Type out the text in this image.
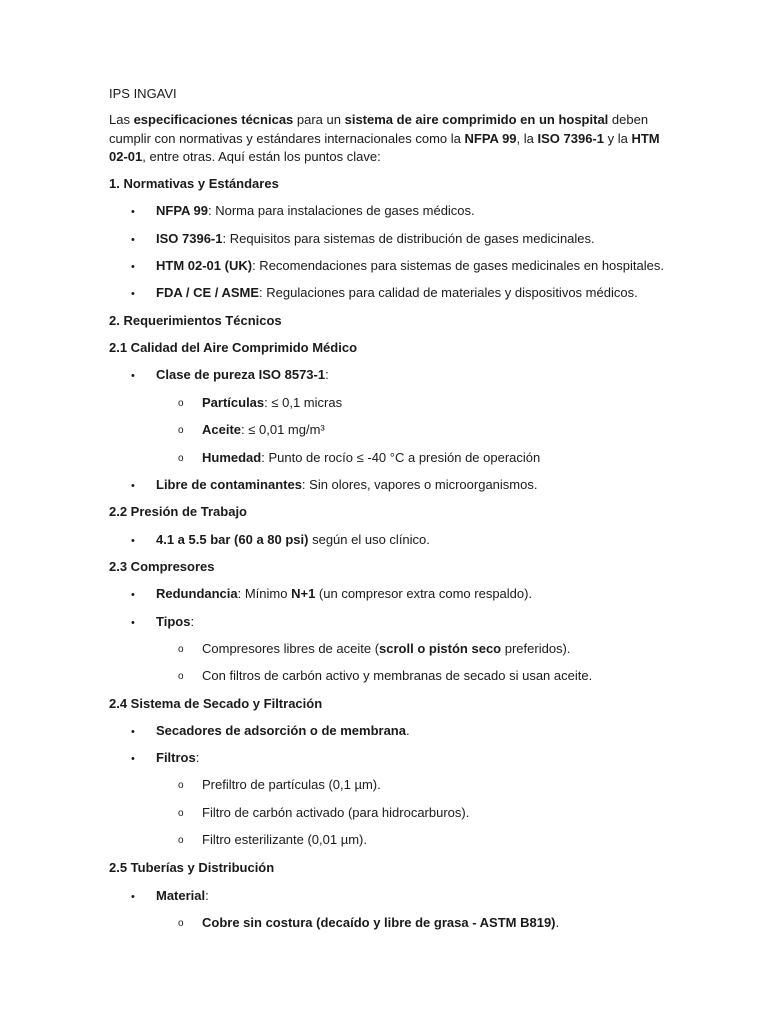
IPS INGAVI
Las especificaciones técnicas para un sistema de aire comprimido en un hospital deben cumplir con normativas y estándares internacionales como la NFPA 99, la ISO 7396-1 y la HTM 02-01, entre otras. Aquí están los puntos clave:
1. Normativas y Estándares
•	NFPA 99: Norma para instalaciones de gases médicos.
•	ISO 7396-1: Requisitos para sistemas de distribución de gases medicinales.
•	HTM 02-01 (UK): Recomendaciones para sistemas de gases medicinales en hospitales.
•	FDA / CE / ASME: Regulaciones para calidad de materiales y dispositivos médicos.
2. Requerimientos Técnicos
2.1 Calidad del Aire Comprimido Médico
•	Clase de pureza ISO 8573-1:
o Partículas: ≤ 0,1 micras
o Aceite: ≤ 0,01 mg/m³
o Humedad: Punto de rocío ≤ -40 °C a presión de operación
•	Libre de contaminantes: Sin olores, vapores o microorganismos.
2.2 Presión de Trabajo
•	4.1 a 5.5 bar (60 a 80 psi) según el uso clínico.
2.3 Compresores
•	Redundancia: Mínimo N+1 (un compresor extra como respaldo).
•	Tipos:
o Compresores libres de aceite (scroll o pistón seco preferidos).
o Con filtros de carbón activo y membranas de secado si usan aceite.
2.4 Sistema de Secado y Filtración
•	Secadores de adsorción o de membrana.
•	Filtros:
o Prefiltro de partículas (0,1 µm).
o Filtro de carbón activado (para hidrocarburos).
o Filtro esterilizante (0,01 µm).
2.5 Tuberías y Distribución
•	Material:
o Cobre sin costura (decaído y libre de grasa - ASTM B819).
